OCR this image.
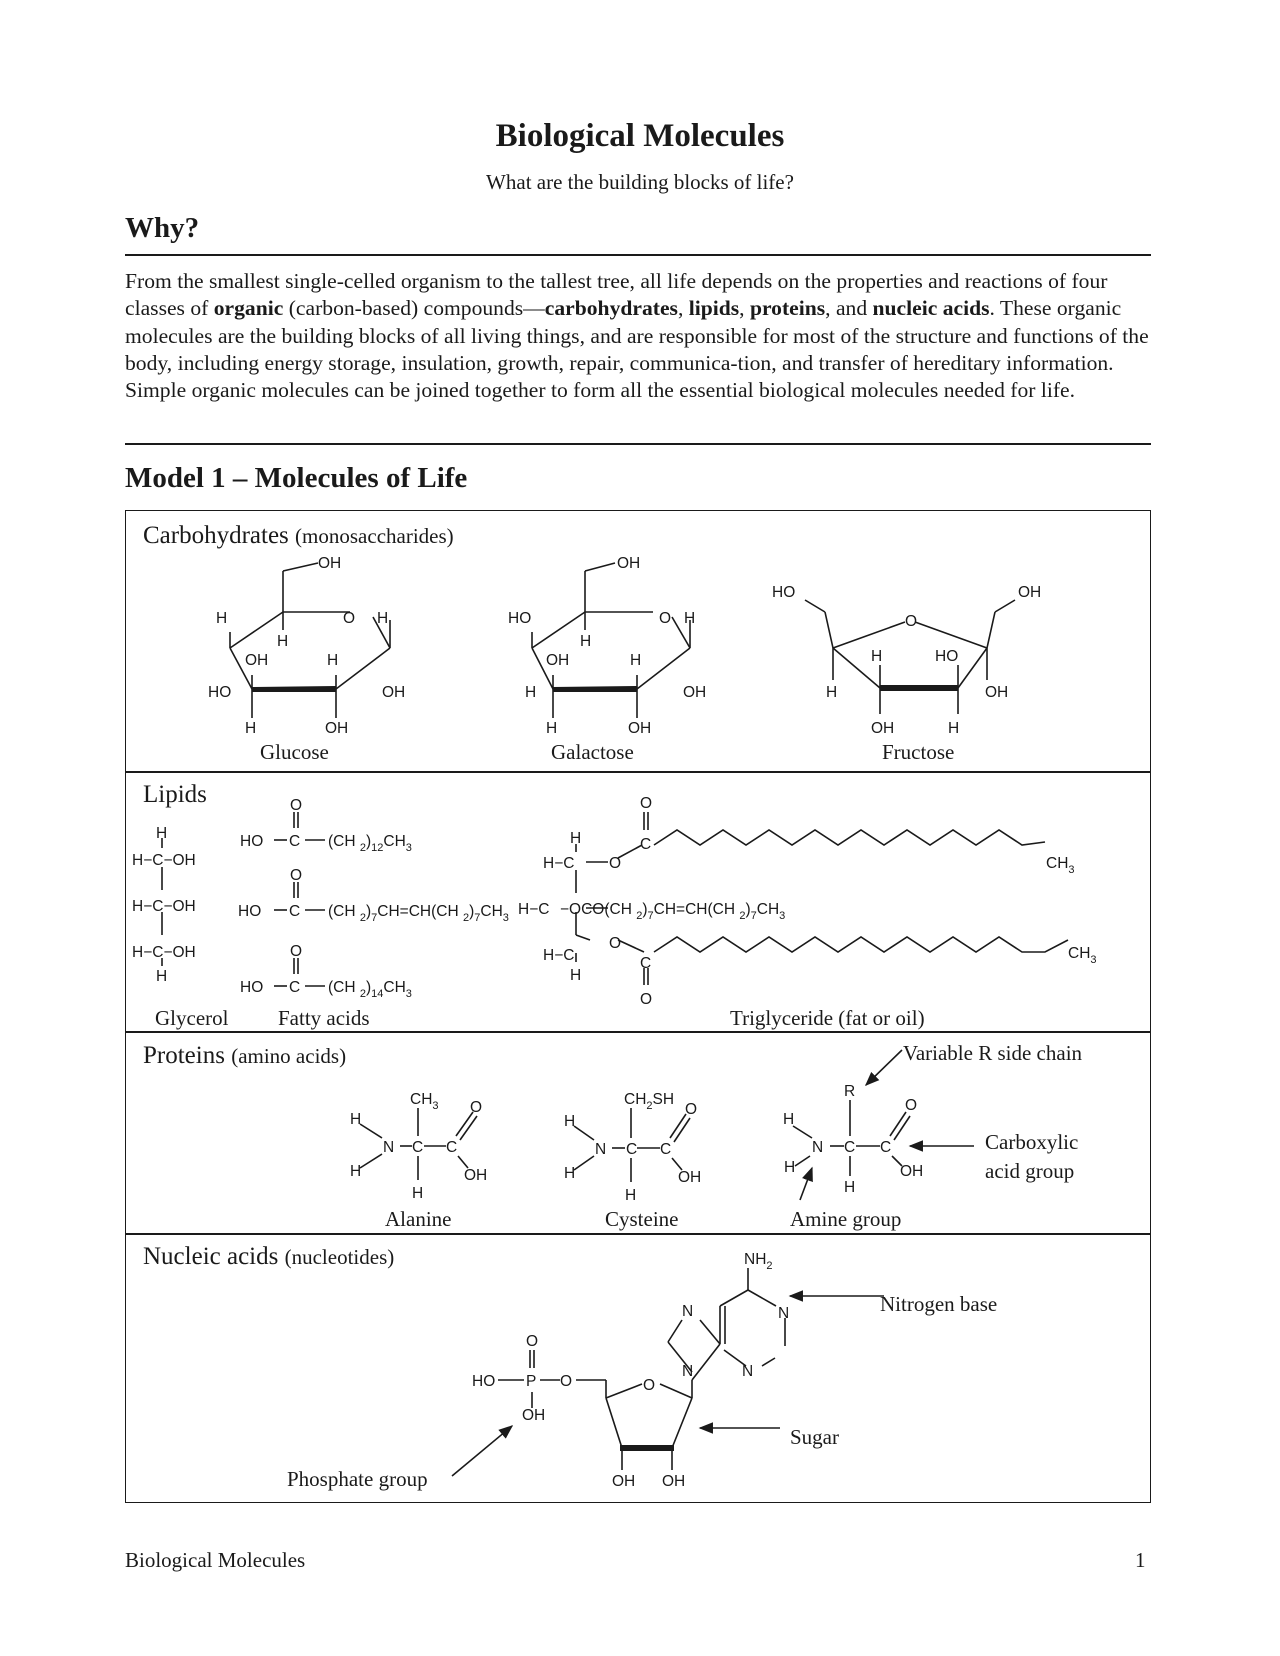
Biological Molecules
What are the building blocks of life?
Why?
From the smallest single-celled organism to the tallest tree, all life depends on the properties and reactions of four classes of organic (carbon-based) compounds—carbohydrates, lipids, proteins, and nucleic acids. These organic molecules are the building blocks of all living things, and are responsible for most of the structure and functions of the body, including energy storage, insulation, growth, repair, communica-tion, and transfer of hereditary information. Simple organic molecules can be joined together to form all the essential biological molecules needed for life.
Model 1 – Molecules of Life
Carbohydrates (monosaccharides)
Lipids
Proteins (amino acids)
Nucleic acids (nucleotides)
Glucose	Galactose	Fructose
Glycerol Fatty acids	Triglyceride (fat or oil)
Variable R side chain
Alanine	Cysteine	Amine group
Carboxylic
acid group
Nitrogen base
Sugar
Phosphate group
OH
O H
H
H
OH	H
HO	OH
H	OH
OH
O H
HO
H
OH	H
H	OH
H	OH
HO	OH
O
H	HO
H	OH
OH	H
H
H−C−OH
H−C−OH
H−C−OH
H
O
HO C (CH $_2)_{12}CH_3$
O
HO C (CH $_2)_7CH=CH(CH$ $_2)_7CH_3$
O
HO C (CH $_2)_{14}CH_3$
O
H	C
H−C O	$CH_3$
H−C −OCO(CH $_2)_7CH=CH(CH$ $_2)_7CH_3$
H−C
O
C
H
O
$CH_3$
$CH_3$ O
H
N C C
H	OH
H
$CH_2SH$
O
H
N C C
H	OH
H
R
O
H
N C C
H	OH
H
$NH_2$
N	N
N	N
O
HO P O
OH
O
OH OH
Biological Molecules	1
